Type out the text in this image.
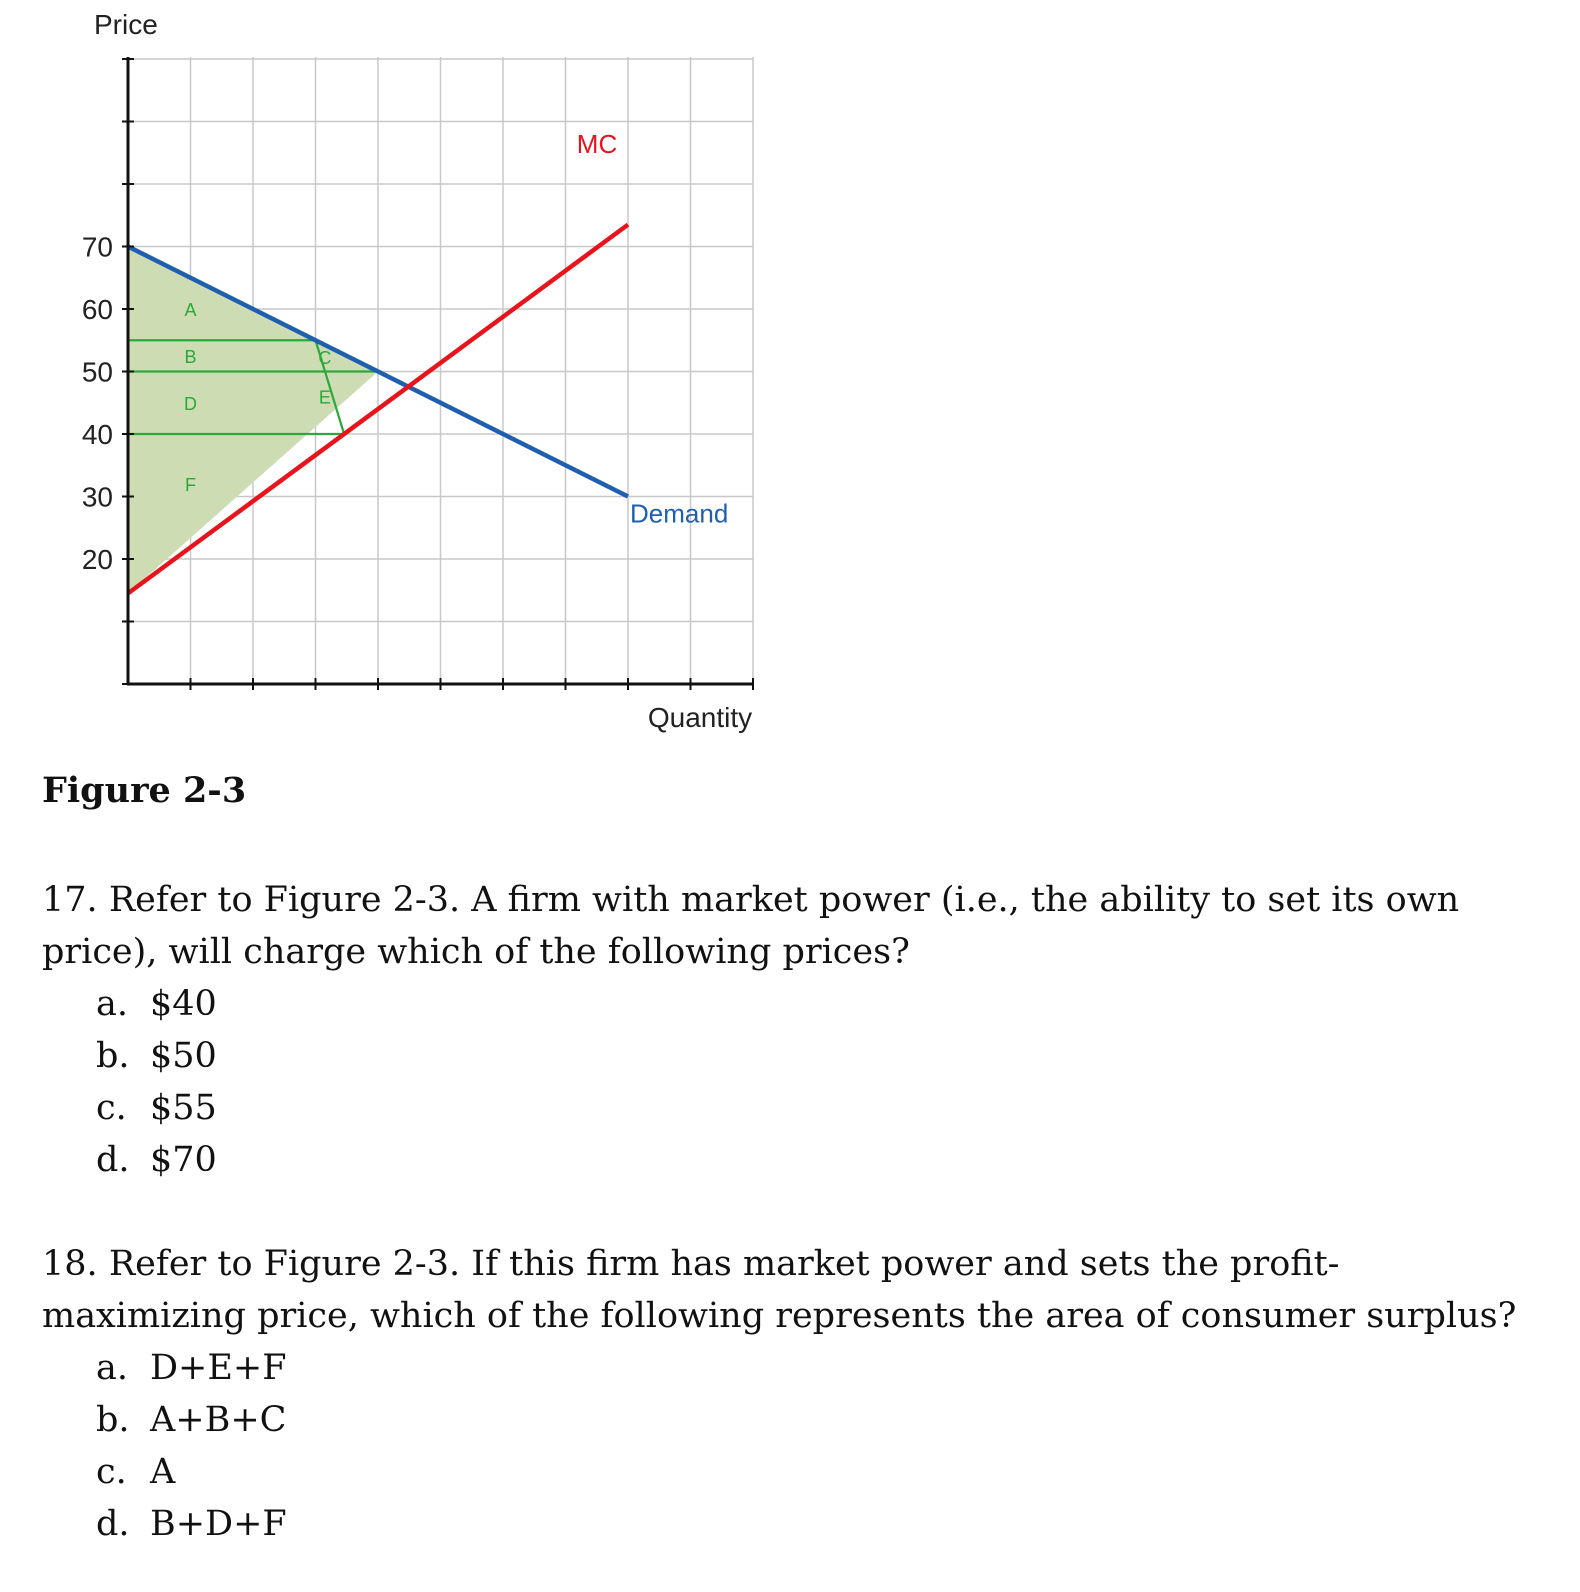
Demand
MC
70
60
50
40
30
20
A
B	C
D	E
F
Price
Quantity
Figure 2-3
17. Refer to Figure 2-3. A firm with market power (i.e., the ability to set its own price), will charge which of the following prices?
a. $40
b. $50
c. $55
d. $70
18. Refer to Figure 2-3. If this firm has market power and sets the profit-maximizing price, which of the following represents the area of consumer surplus?
a. D+E+F
b. A+B+C
c. A
d. B+D+F
